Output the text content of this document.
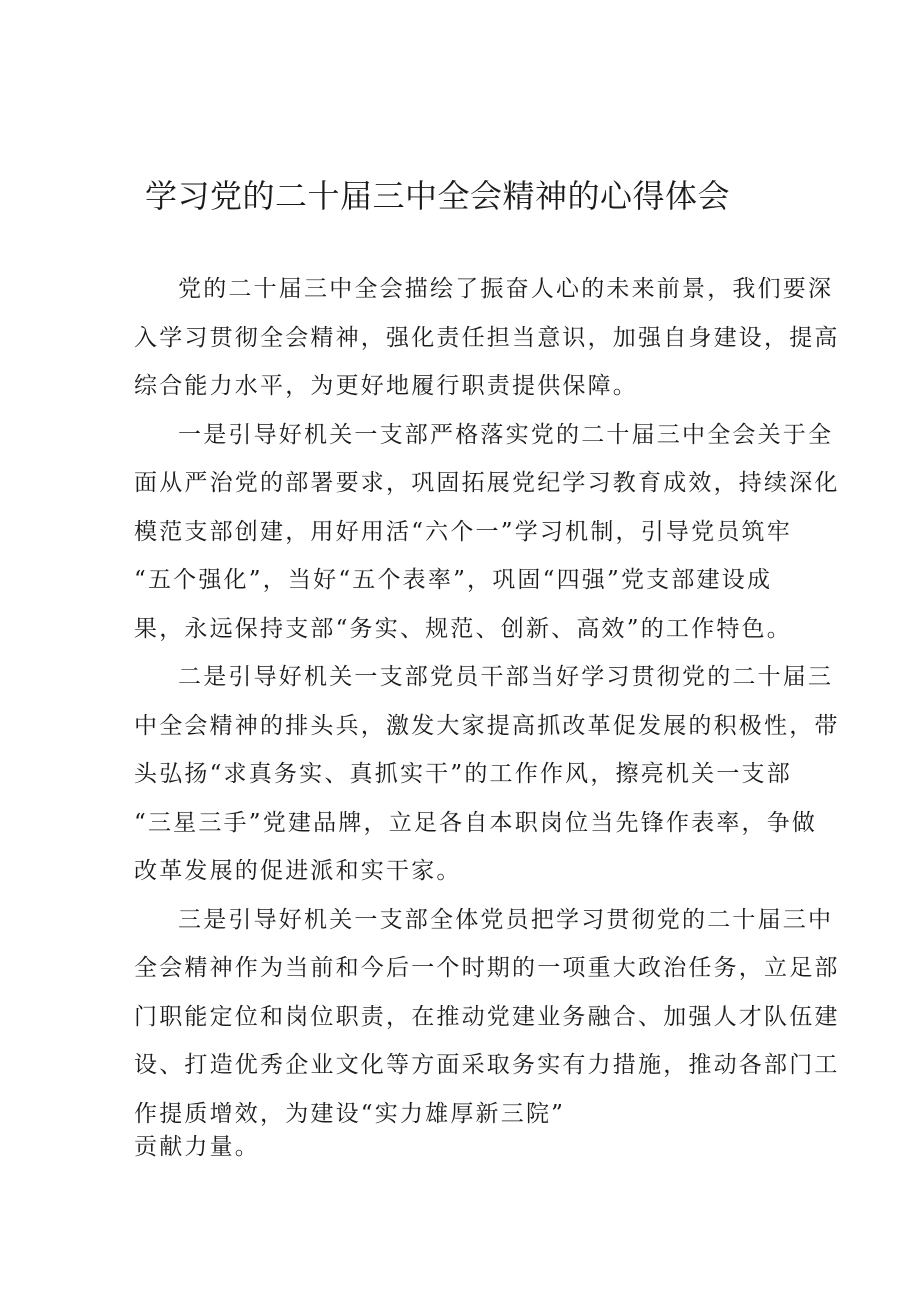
学习党的二十届三中全会精神的心得体会

党的二十届三中全会描绘了振奋人心的未来前景，我们要深

入学习贯彻全会精神，强化责任担当意识，加强自身建设，提高

综合能力水平，为更好地履行职责提供保障。

一是引导好机关一支部严格落实党的二十届三中全会关于全

面从严治党的部署要求，巩固拓展党纪学习教育成效，持续深化

模范支部创建，用好用活“六个一”学习机制，引导党员筑牢

“五个强化”，当好“五个表率”，巩固“四强”党支部建设成

果，永远保持支部“务实、规范、创新、高效”的工作特色。

二是引导好机关一支部党员干部当好学习贯彻党的二十届三

中全会精神的排头兵，激发大家提高抓改革促发展的积极性，带

头弘扬“求真务实、真抓实干”的工作作风，擦亮机关一支部

“三星三手”党建品牌，立足各自本职岗位当先锋作表率，争做

改革发展的促进派和实干家。

三是引导好机关一支部全体党员把学习贯彻党的二十届三中

全会精神作为当前和今后一个时期的一项重大政治任务，立足部

门职能定位和岗位职责，在推动党建业务融合、加强人才队伍建

设、打造优秀企业文化等方面采取务实有力措施，推动各部门工

作提质增效，为建设“实力雄厚新三院”

贡献力量。
